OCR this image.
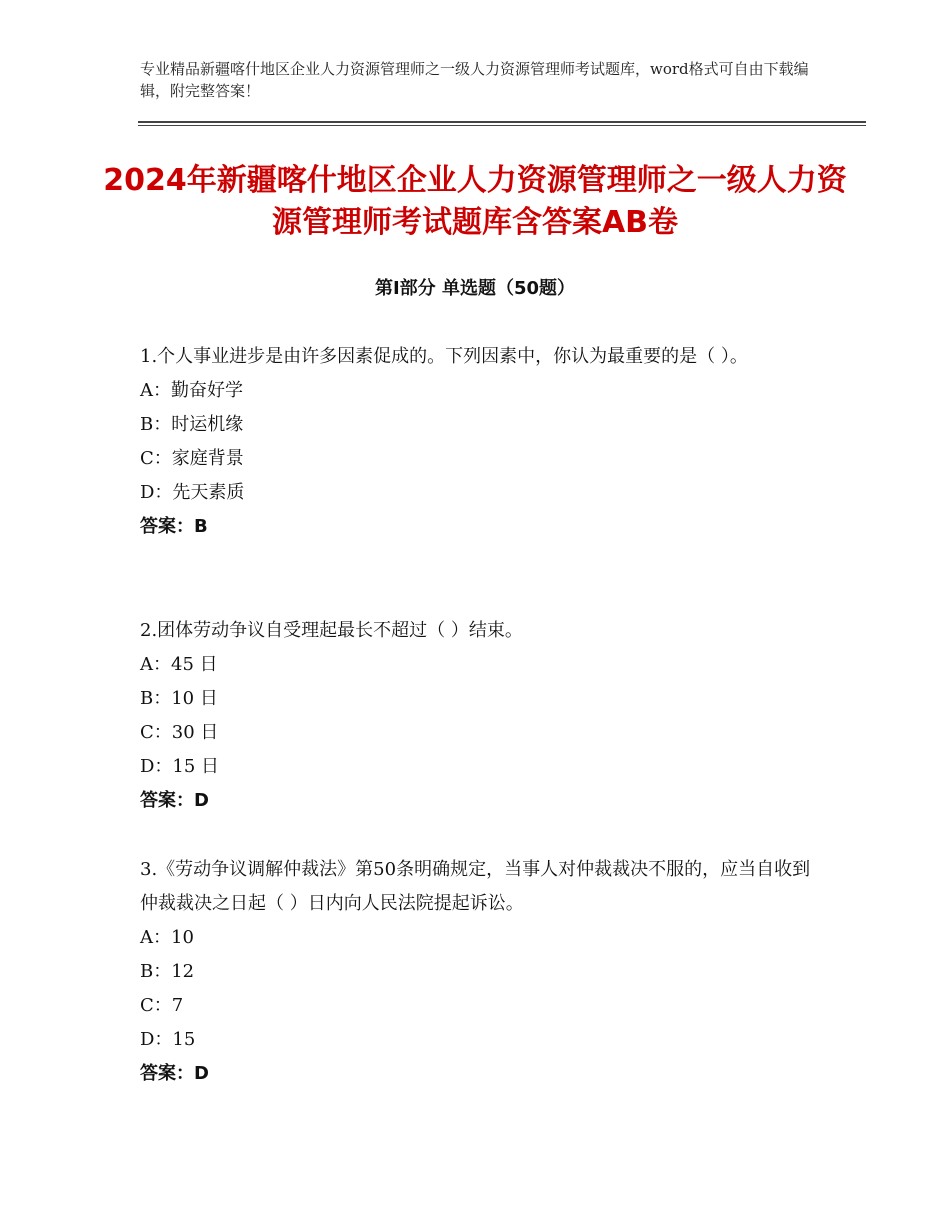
专业精品新疆喀什地区企业人力资源管理师之一级人力资源管理师考试题库，word格式可自由下载编辑，附完整答案！
2024年新疆喀什地区企业人力资源管理师之一级人力资源管理师考试题库含答案AB卷
第Ⅰ部分 单选题（50题）

1.个人事业进步是由许多因素促成的。下列因素中，你认为最重要的是（ ）。

A：勤奋好学

B：时运机缘

C：家庭背景

D：先天素质

答案：B

2.团体劳动争议自受理起最长不超过（ ）结束。

A：45 日

B：10 日

C：30 日

D：15 日

答案：D

3.《劳动争议调解仲裁法》第50条明确规定，当事人对仲裁裁决不服的，应当自收到仲裁裁决之日起（ ）日内向人民法院提起诉讼。

A：10

B：12

C：7

D：15

答案：D
